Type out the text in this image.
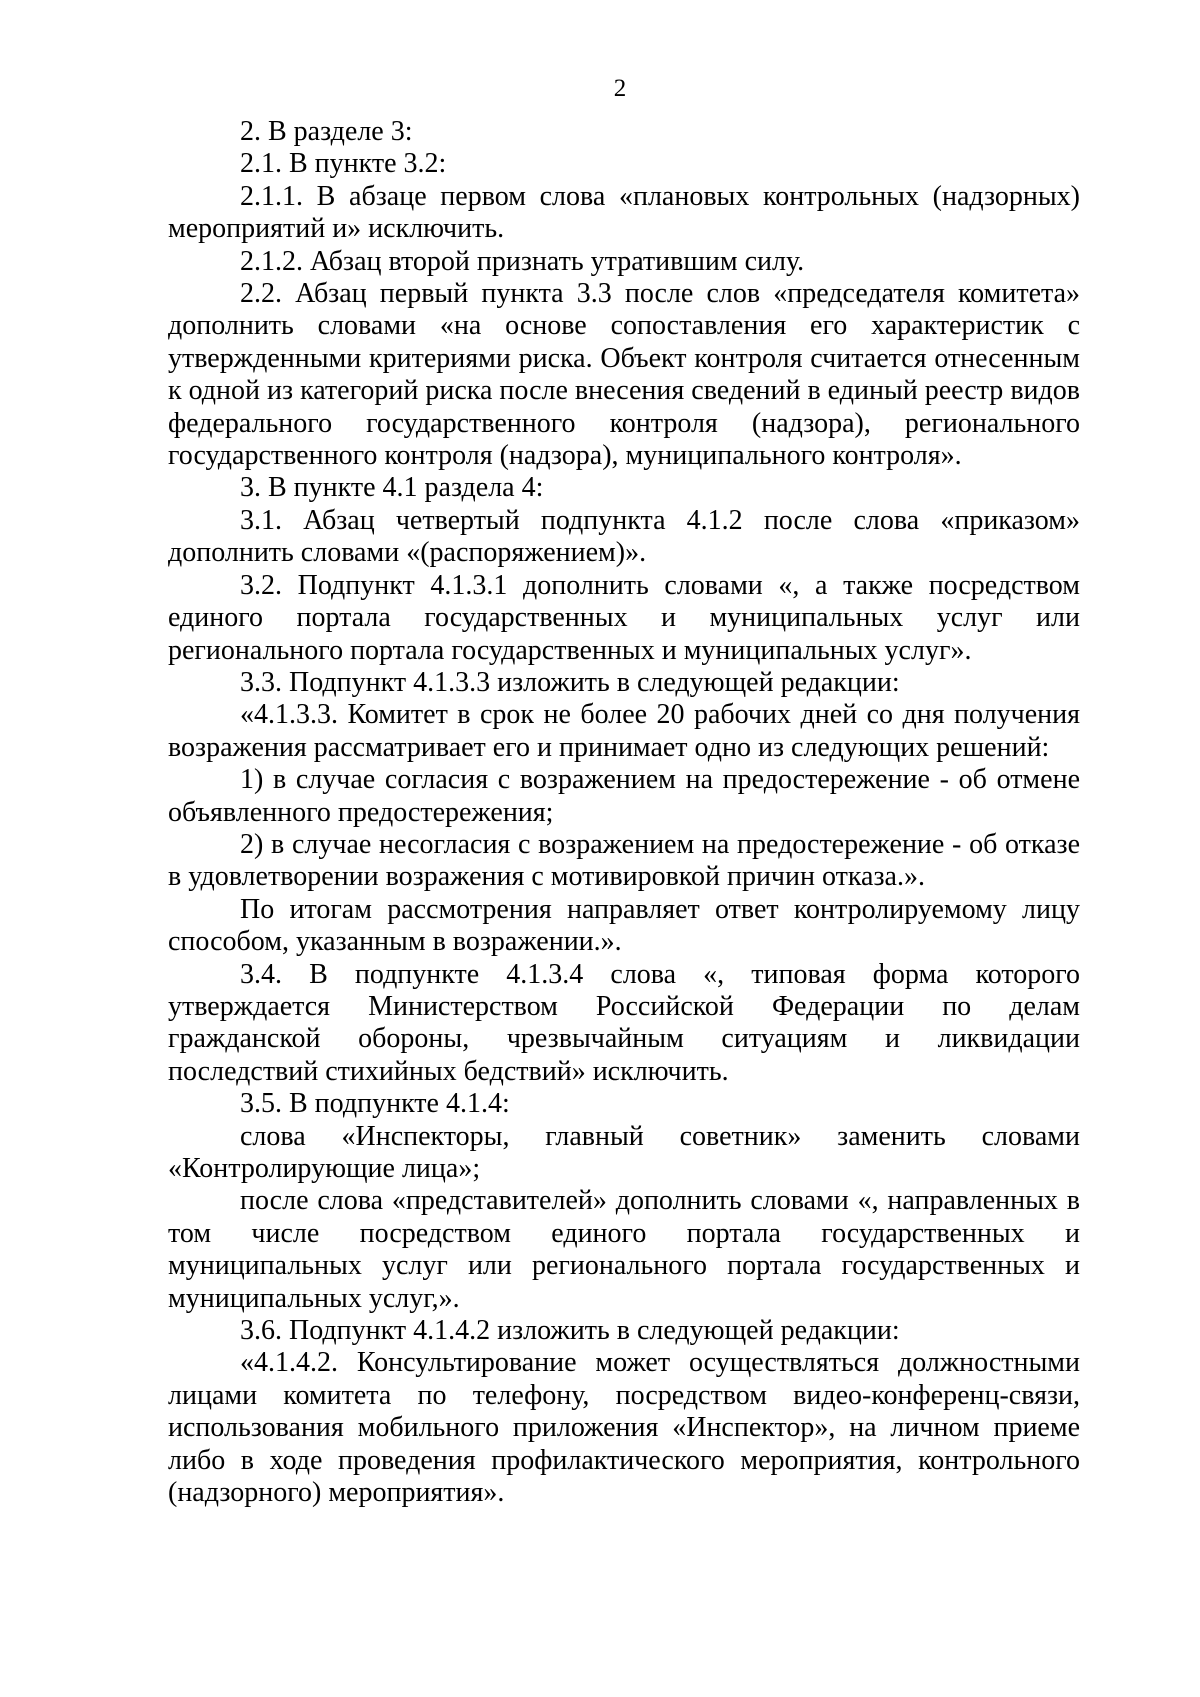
2

2. В разделе 3:

2.1. В пункте 3.2:

2.1.1. В абзаце первом слова «плановых контрольных (надзорных) мероприятий и» исключить.

2.1.2. Абзац второй признать утратившим силу.

2.2. Абзац первый пункта 3.3 после слов «председателя комитета» дополнить словами «на основе сопоставления его характеристик с утвержденными критериями риска. Объект контроля считается отнесенным к одной из категорий риска после внесения сведений в единый реестр видов федерального государственного контроля (надзора), регионального государственного контроля (надзора), муниципального контроля».

3. В пункте 4.1 раздела 4:

3.1. Абзац четвертый подпункта 4.1.2 после слова «приказом» дополнить словами «(распоряжением)».

3.2. Подпункт 4.1.3.1 дополнить словами «, а также посредством единого портала государственных и муниципальных услуг или регионального портала государственных и муниципальных услуг».

3.3. Подпункт 4.1.3.3 изложить в следующей редакции:

«4.1.3.3. Комитет в срок не более 20 рабочих дней со дня получения возражения рассматривает его и принимает одно из следующих решений:

1) в случае согласия с возражением на предостережение - об отмене объявленного предостережения;

2) в случае несогласия с возражением на предостережение - об отказе в удовлетворении возражения с мотивировкой причин отказа.».

По итогам рассмотрения направляет ответ контролируемому лицу способом, указанным в возражении.».

3.4. В подпункте 4.1.3.4 слова «, типовая форма которого утверждается Министерством Российской Федерации по делам гражданской обороны, чрезвычайным ситуациям и ликвидации последствий стихийных бедствий» исключить.

3.5. В подпункте 4.1.4:

слова «Инспекторы, главный советник» заменить словами «Контролирующие лица»;

после слова «представителей» дополнить словами «, направленных в том числе посредством единого портала государственных и муниципальных услуг или регионального портала государственных и муниципальных услуг,».

3.6. Подпункт 4.1.4.2 изложить в следующей редакции:

«4.1.4.2. Консультирование может осуществляться должностными лицами комитета по телефону, посредством видео-конференц-связи, использования мобильного приложения «Инспектор», на личном приеме либо в ходе проведения профилактического мероприятия, контрольного (надзорного) мероприятия».
